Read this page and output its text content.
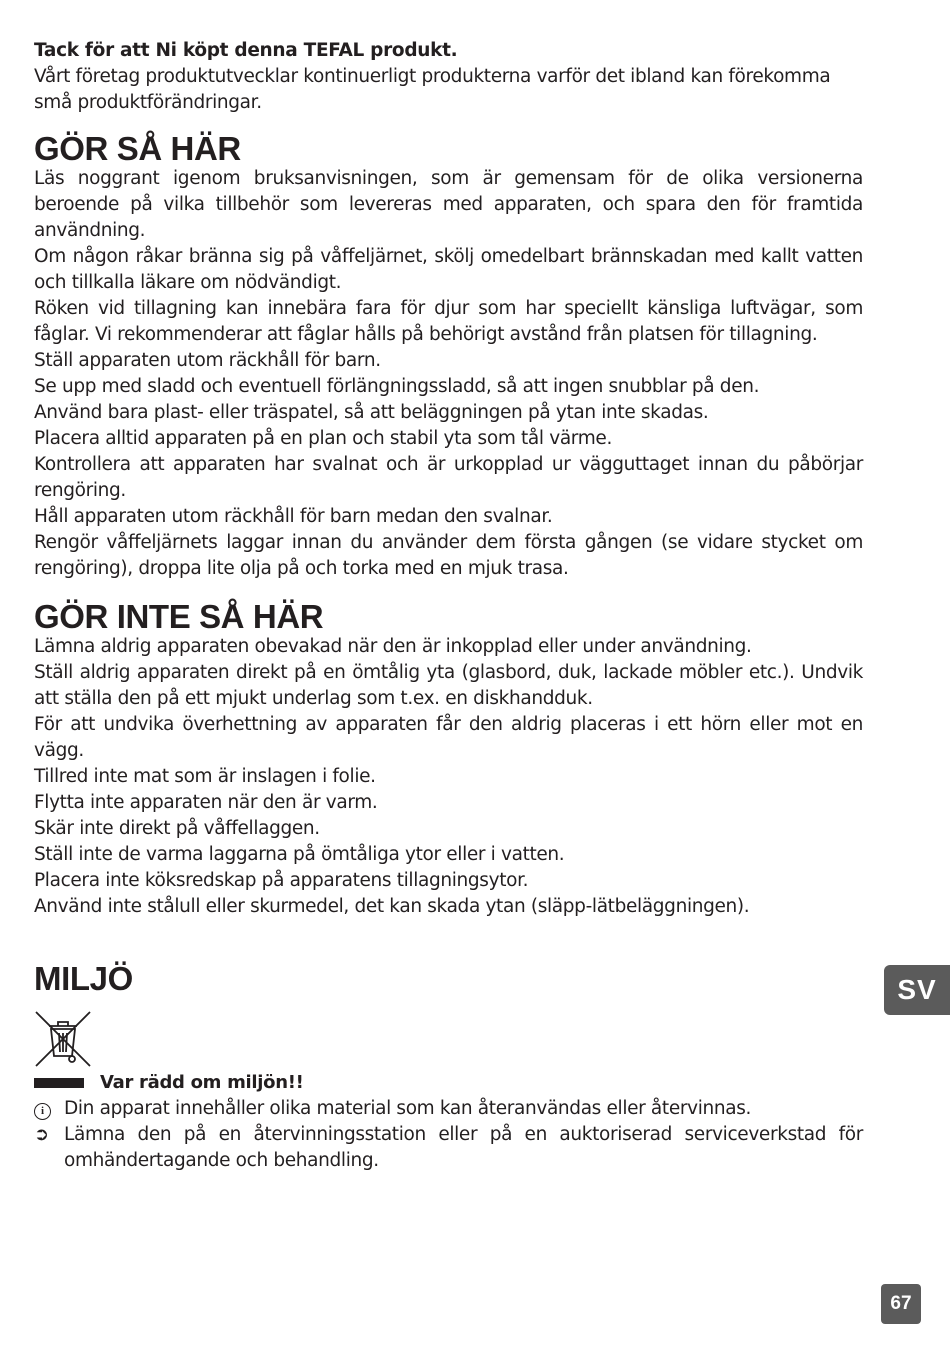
Tack för att Ni köpt denna TEFAL produkt.

Vårt företag produktutvecklar kontinuerligt produkterna varför det ibland kan förekomma små produktförändringar.

GÖR SÅ HÄR

Läs noggrant igenom bruksanvisningen, som är gemensam för de olika versionerna beroende på vilka tillbehör som levereras med apparaten, och spara den för framtida användning.

Om någon råkar bränna sig på våffeljärnet, skölj omedelbart brännskadan med kallt vatten och tillkalla läkare om nödvändigt.

Röken vid tillagning kan innebära fara för djur som har speciellt känsliga luftvägar, som fåglar. Vi rekommenderar att fåglar hålls på behörigt avstånd från platsen för tillagning.

Ställ apparaten utom räckhåll för barn.

Se upp med sladd och eventuell förlängningssladd, så att ingen snubblar på den.

Använd bara plast- eller träspatel, så att beläggningen på ytan inte skadas.

Placera alltid apparaten på en plan och stabil yta som tål värme.

Kontrollera att apparaten har svalnat och är urkopplad ur vägguttaget innan du påbörjar rengöring.

Håll apparaten utom räckhåll för barn medan den svalnar.

Rengör våffeljärnets laggar innan du använder dem första gången (se vidare stycket om rengöring), droppa lite olja på och torka med en mjuk trasa.

GÖR INTE SÅ HÄR

Lämna aldrig apparaten obevakad när den är inkopplad eller under användning.

Ställ aldrig apparaten direkt på en ömtålig yta (glasbord, duk, lackade möbler etc.). Undvik att ställa den på ett mjukt underlag som t.ex. en diskhandduk.

För att undvika överhettning av apparaten får den aldrig placeras i ett hörn eller mot en vägg.

Tillred inte mat som är inslagen i folie.

Flytta inte apparaten när den är varm.

Skär inte direkt på våffellaggen.

Ställ inte de varma laggarna på ömtåliga ytor eller i vatten.

Placera inte köksredskap på apparatens tillagningsytor.

Använd inte stålull eller skurmedel, det kan skada ytan (släpp-lätbeläggningen).

MILJÖ
Var rädd om miljön!!
i	Din apparat innehåller olika material som kan återanvändas eller återvinnas.

➲ Lämna den på en återvinningsstation eller på en auktoriserad serviceverkstad för omhändertagande och behandling.

SV
67
